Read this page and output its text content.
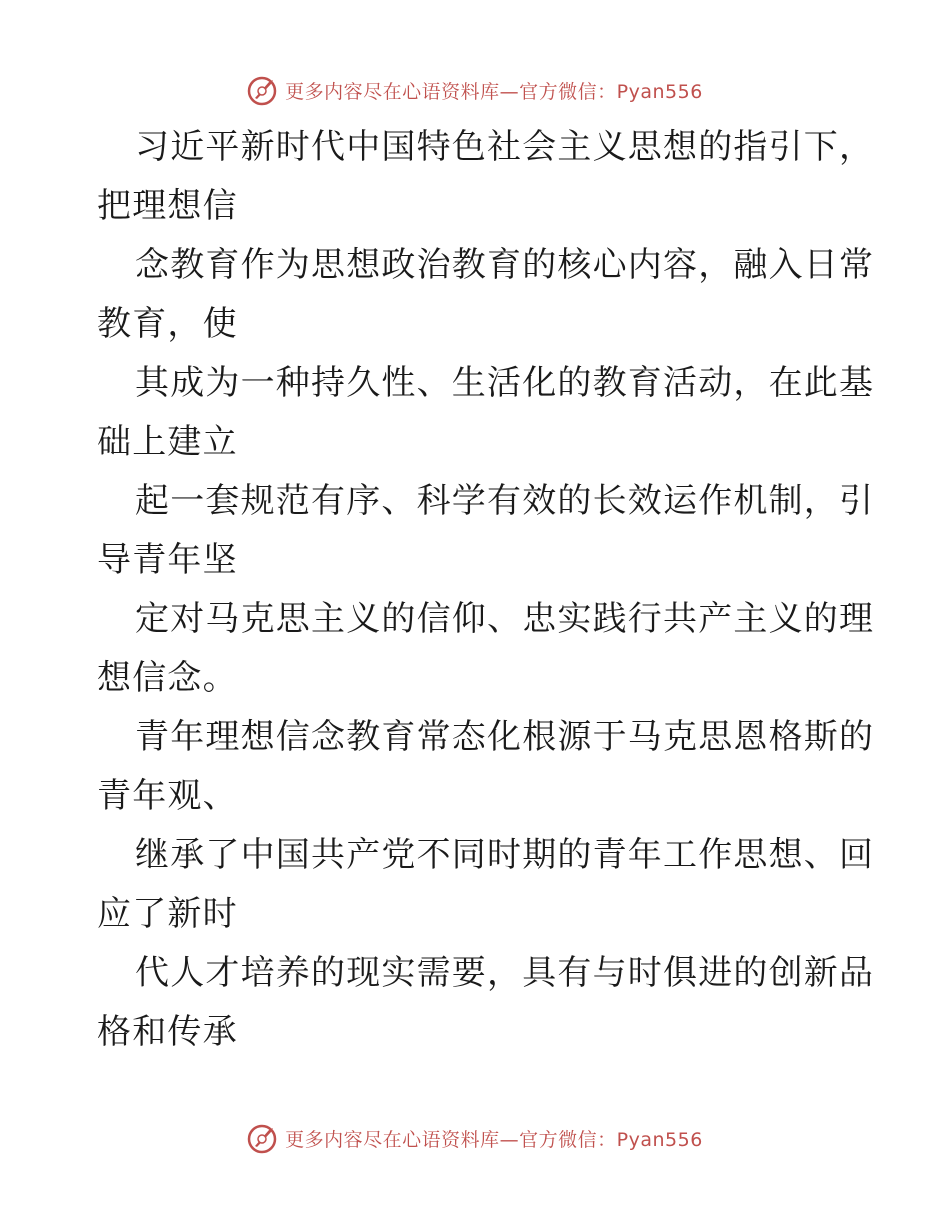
更多内容尽在心语资料库—官方微信：Pyan556
习近平新时代中国特色社会主义思想的指引下，
把理想信
念教育作为思想政治教育的核心内容，融入日常
教育，使
其成为一种持久性、生活化的教育活动，在此基
础上建立
起一套规范有序、科学有效的长效运作机制，引
导青年坚
定对马克思主义的信仰、忠实践行共产主义的理
想信念。
青年理想信念教育常态化根源于马克思恩格斯的
青年观、
继承了中国共产党不同时期的青年工作思想、回
应了新时
代人才培养的现实需要，具有与时俱进的创新品
格和传承
更多内容尽在心语资料库—官方微信：Pyan556
